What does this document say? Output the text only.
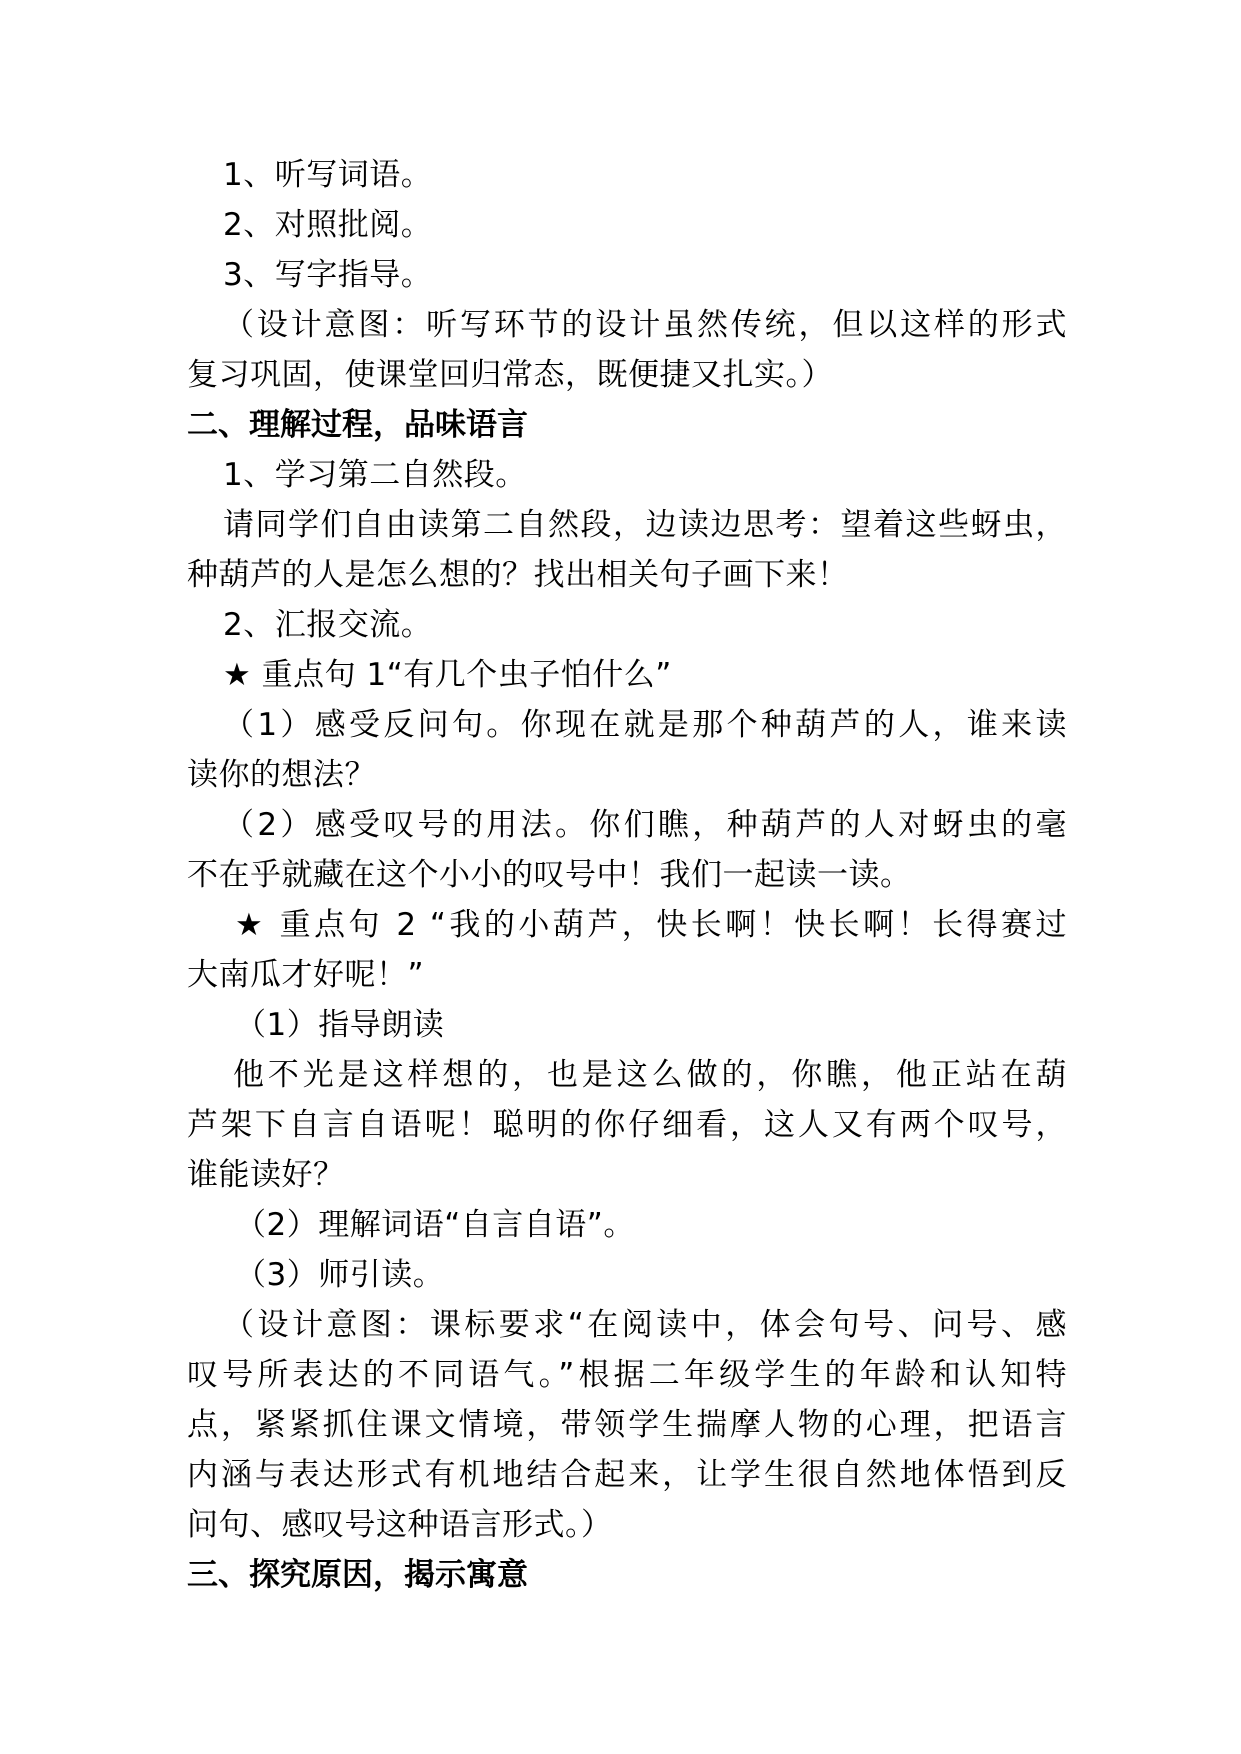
1、听写词语。
2、对照批阅。
3、写字指导。
（设计意图：听写环节的设计虽然传统，但以这样的形式
复习巩固，使课堂回归常态，既便捷又扎实。）
二、理解过程，品味语言
1、学习第二自然段。
请同学们自由读第二自然段，边读边思考：望着这些蚜虫，
种葫芦的人是怎么想的？找出相关句子画下来！
2、汇报交流。
★ 重点句 1“有几个虫子怕什么”
（1）感受反问句。你现在就是那个种葫芦的人，谁来读
读你的想法？
（2）感受叹号的用法。你们瞧，种葫芦的人对蚜虫的毫
不在乎就藏在这个小小的叹号中！我们一起读一读。
★ 重点句 2 “我的小葫芦，快长啊！快长啊！长得赛过
大南瓜才好呢！”
（1）指导朗读
他不光是这样想的，也是这么做的，你瞧，他正站在葫
芦架下自言自语呢！聪明的你仔细看，这人又有两个叹号，
谁能读好？
（2）理解词语“自言自语”。
（3）师引读。
（设计意图：课标要求“在阅读中，体会句号、问号、感
叹号所表达的不同语气。”根据二年级学生的年龄和认知特
点，紧紧抓住课文情境，带领学生揣摩人物的心理，把语言
内涵与表达形式有机地结合起来，让学生很自然地体悟到反
问句、感叹号这种语言形式。）
三、探究原因，揭示寓意
